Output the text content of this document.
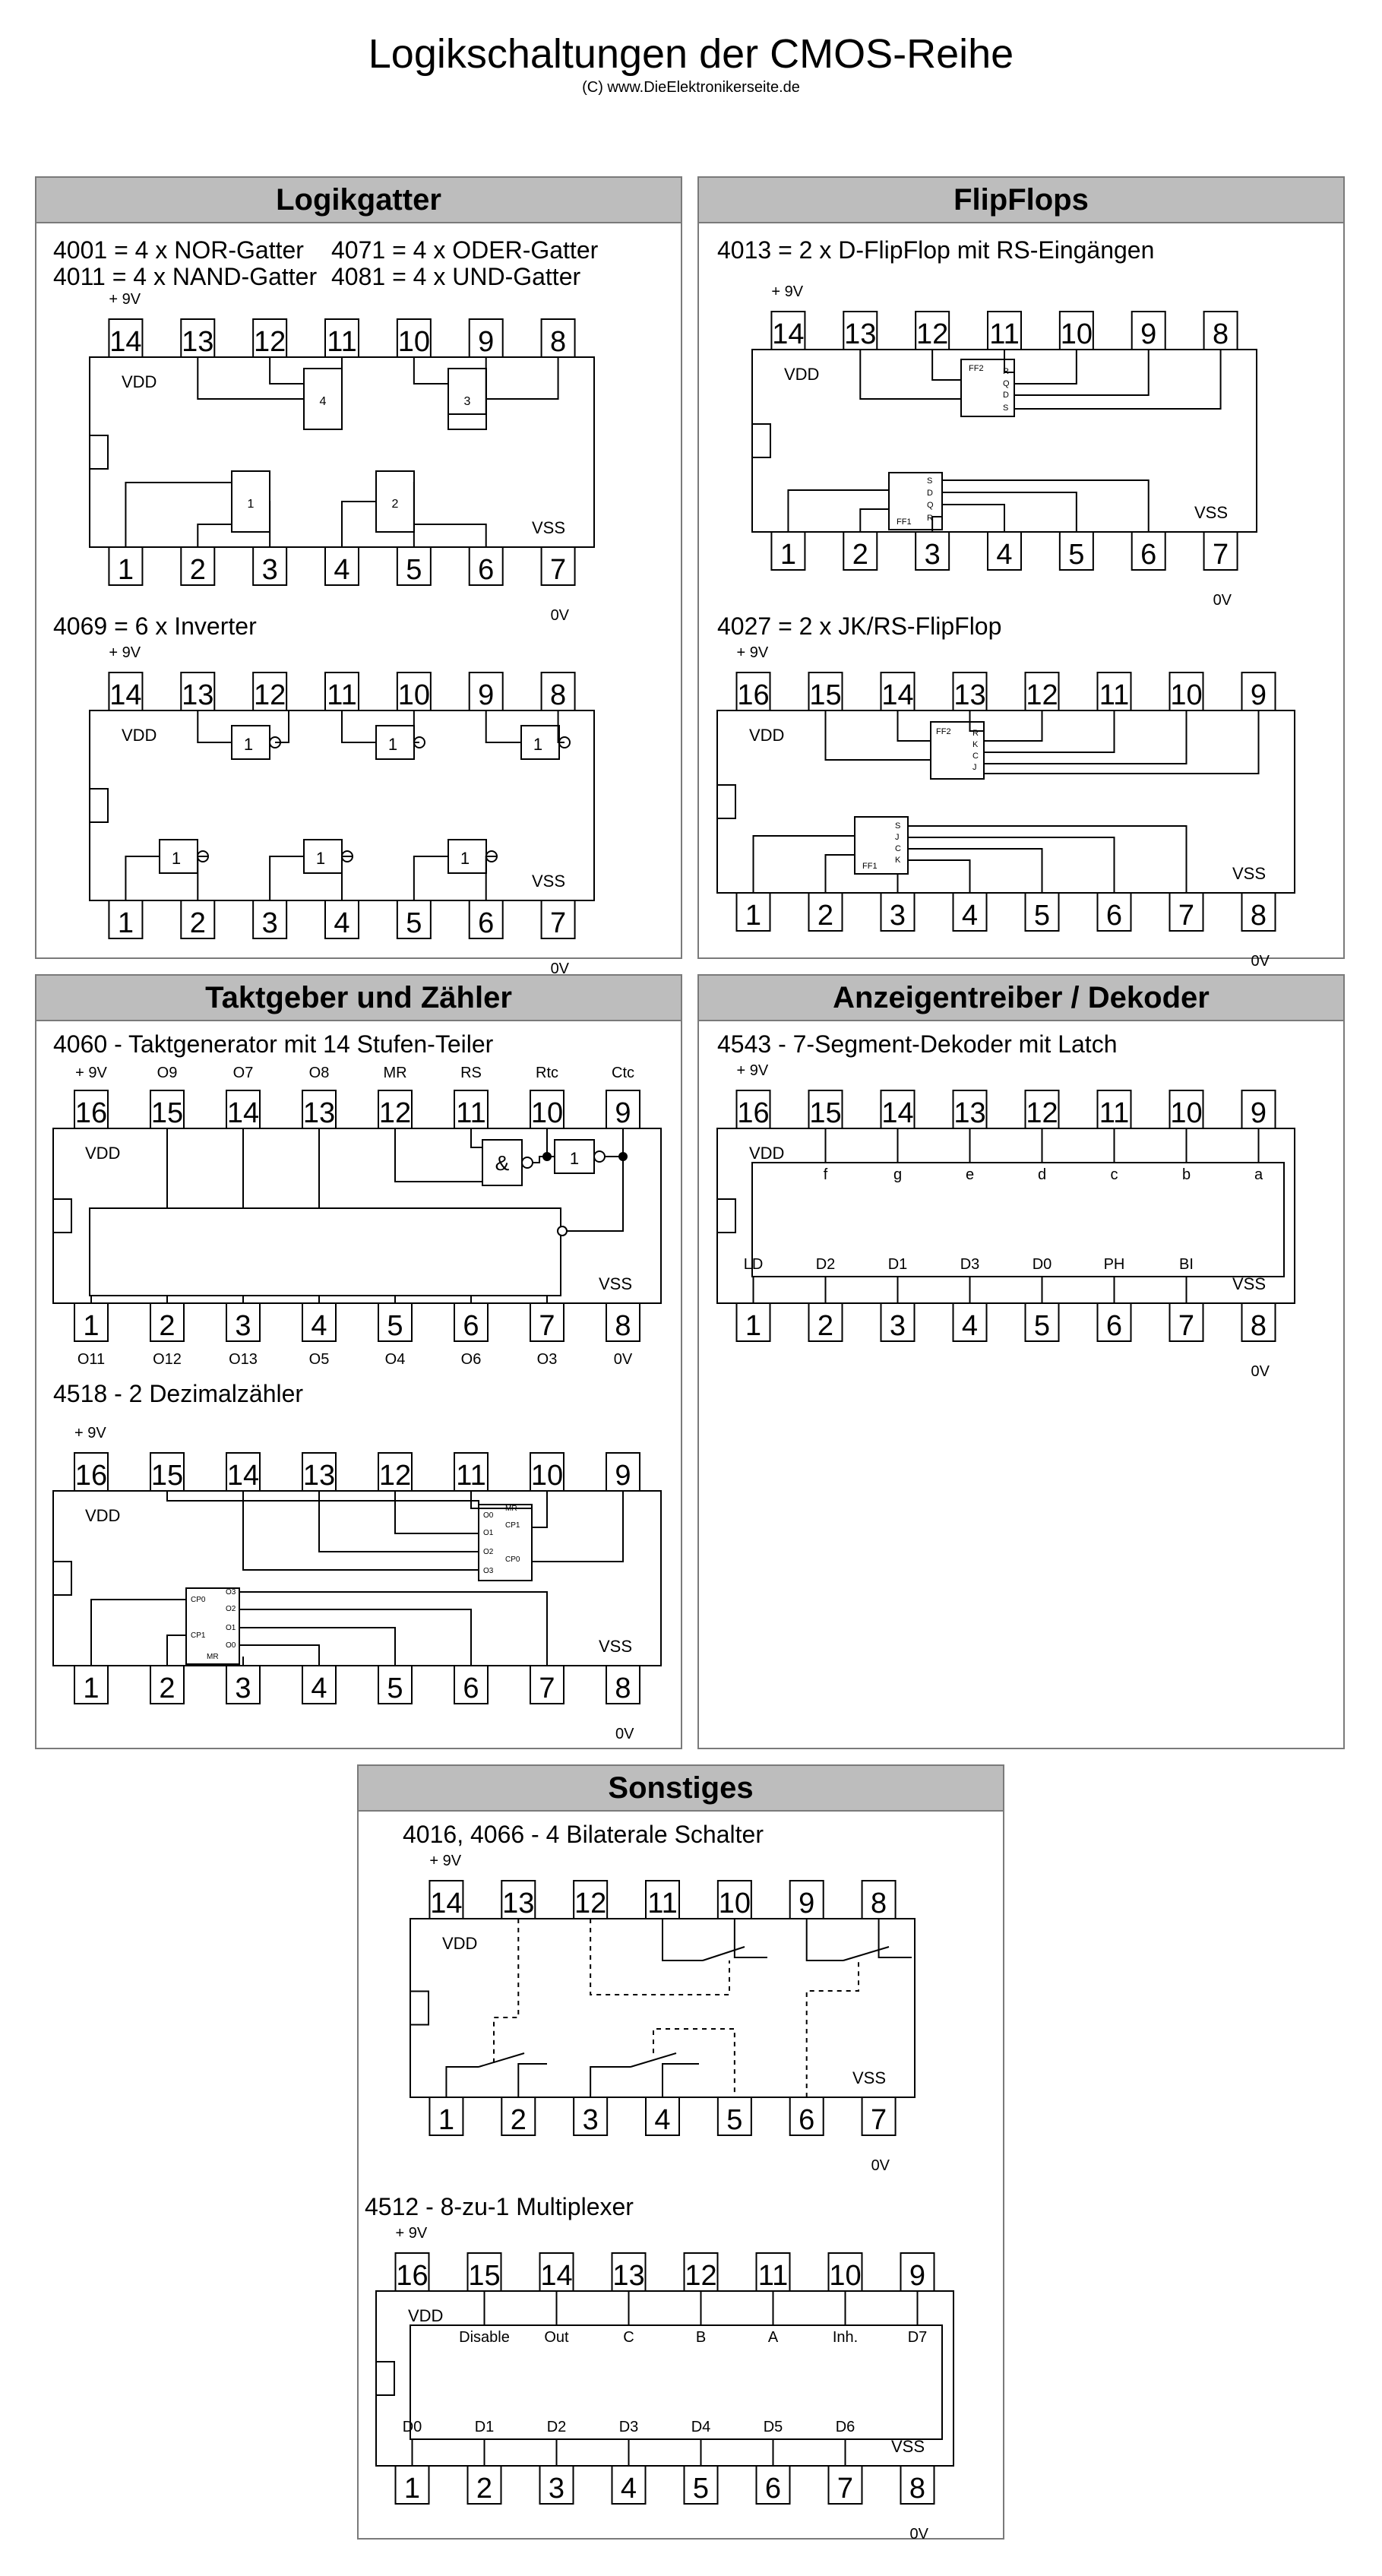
Logikschaltungen der CMOS-Reihe
(C) www.DieElektronikerseite.de
Logikgatter	FlipFlops
Taktgeber und Zähler	Anzeigentreiber / Dekoder
Sonstiges
4001 = 4 x NOR-Gatter 4071 = 4 x ODER-Gatter
4011 = 4 x NAND-Gatter 4081 = 4 x UND-Gatter
1
14
2
13
3
12
4
11
5
10
6
9
7
8
VDD
VSS
+ 9V
0V
4	3
1	2
4069 = 6 x Inverter
1
14
2
13
3
12
4
11
5
10
6
9
7
8
VDD
VSS
+ 9V
0V
1	1	1
1	1	1
4013 = 2 x D-FlipFlop mit RS-Eingängen
1
14
2
13
3
12
4
11
5
10
6
9
7
8
VDD
VSS
+ 9V
0V
FF2 R
Q
D
S
FF1
S
D
Q
R
4027 = 2 x JK/RS-FlipFlop
1
16
2
15
3
14
4
13
5
12
6
11
7
10
8
9
VDD
VSS
+ 9V
0V
FF2	R
K
C
J
FF1
S
J
C
K
4060 - Taktgenerator mit 14 Stufen-Teiler
1
16
2
15
3
14
4
13
5
12
6
11
7
10
8
9
VDD
VSS
+ 9V	O9	O7	O8	MR	RS	Rtc	Ctc
O11	O12	O13	O5	O4	O6	O3	0V
&	1
4518 - 2 Dezimalzähler
1
16
2
15
3
14
4
13
5
12
6
11
7
10
8
9
VDD
VSS
+ 9V
0V
O0
O1
O2
O3
MR
CP1
CP0
CP0
CP1
MR
O3
O2
O1
O0
4543 - 7-Segment-Dekoder mit Latch
1
16
2
15
3
14
4
13
5
12
6
11
7
10
8
9
VDD
VSS
+ 9V
0V
f	g	e	d	c	b	a
LD	D2	D1	D3	D0	PH	BI
4016, 4066 - 4 Bilaterale Schalter
1
14
2
13
3
12
4
11
5
10
6
9
7
8
VDD
VSS
+ 9V
0V
4512 - 8-zu-1 Multiplexer
1
16
2
15
3
14
4
13
5
12
6
11
7
10
8
9
VDD
VSS
+ 9V
0V
Disable Out	C	B	A	Inh.	D7
D0	D1	D2	D3	D4	D5	D6
